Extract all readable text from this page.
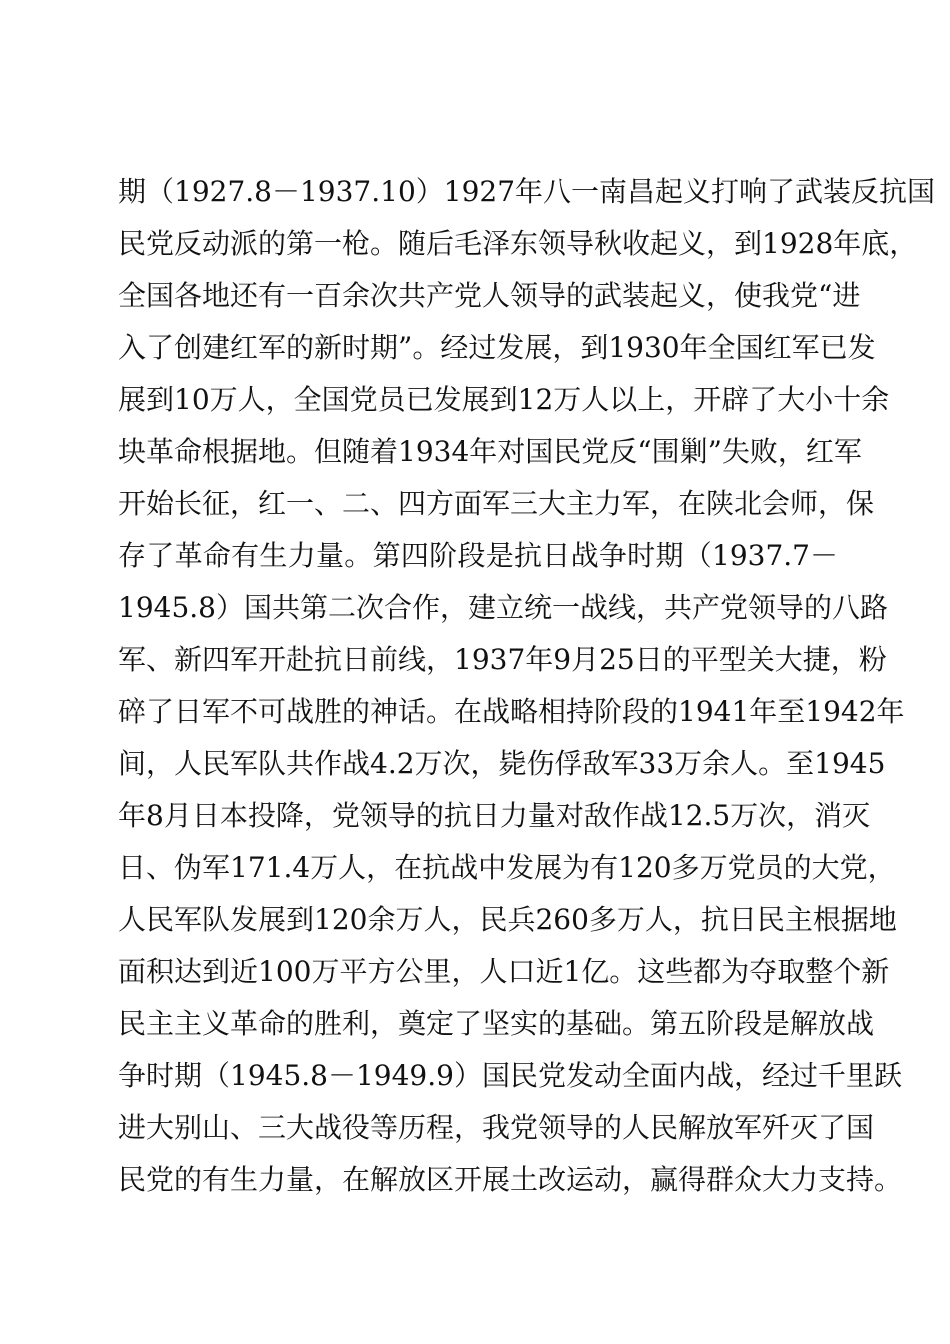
期（1927.8－1937.10）1927年八一南昌起义打响了武装反抗国
民党反动派的第一枪。随后毛泽东领导秋收起义，到1928年底，
全国各地还有一百余次共产党人领导的武装起义，使我党“进
入了创建红军的新时期”。经过发展，到1930年全国红军已发
展到10万人，全国党员已发展到12万人以上，开辟了大小十余
块革命根据地。但随着1934年对国民党反“围剿”失败，红军
开始长征，红一、二、四方面军三大主力军，在陕北会师，保
存了革命有生力量。第四阶段是抗日战争时期（1937.7－
1945.8）国共第二次合作，建立统一战线，共产党领导的八路
军、新四军开赴抗日前线，1937年9月25日的平型关大捷，粉
碎了日军不可战胜的神话。在战略相持阶段的1941年至1942年
间，人民军队共作战4.2万次，毙伤俘敌军33万余人。至1945
年8月日本投降，党领导的抗日力量对敌作战12.5万次，消灭
日、伪军171.4万人，在抗战中发展为有120多万党员的大党，
人民军队发展到120余万人，民兵260多万人，抗日民主根据地
面积达到近100万平方公里，人口近1亿。这些都为夺取整个新
民主主义革命的胜利，奠定了坚实的基础。第五阶段是解放战
争时期（1945.8－1949.9）国民党发动全面内战，经过千里跃
进大别山、三大战役等历程，我党领导的人民解放军歼灭了国
民党的有生力量，在解放区开展土改运动，赢得群众大力支持。
